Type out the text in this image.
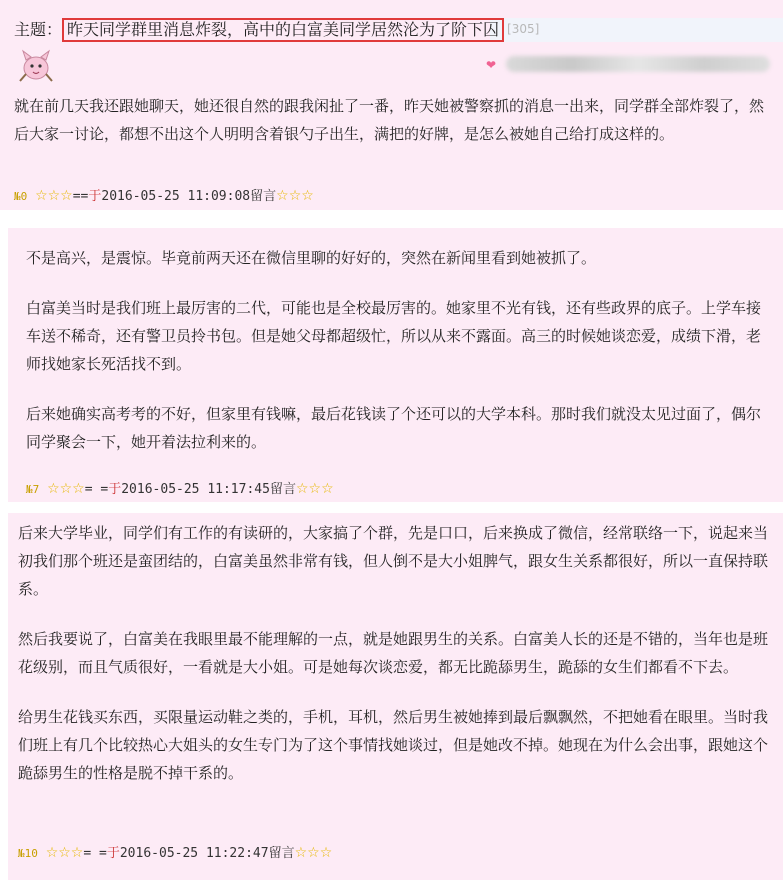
主题： 昨天同学群里消息炸裂，高中的白富美同学居然沦为了阶下囚 [305]
❤

就在前几天我还跟她聊天，她还很自然的跟我闲扯了一番，昨天她被警察抓的消息一出来，同学群全部炸裂了，然后大家一讨论，都想不出这个人明明含着银勺子出生，满把的好牌，是怎么被她自己给打成这样的。

№0 ☆☆☆==于2016-05-25 11:09:08留言☆☆☆

不是高兴，是震惊。毕竟前两天还在微信里聊的好好的，突然在新闻里看到她被抓了。

白富美当时是我们班上最厉害的二代，可能也是全校最厉害的。她家里不光有钱，还有些政界的底子。上学车接车送不稀奇，还有警卫员拎书包。但是她父母都超级忙，所以从来不露面。高三的时候她谈恋爱，成绩下滑，老师找她家长死活找不到。

后来她确实高考考的不好，但家里有钱嘛，最后花钱读了个还可以的大学本科。那时我们就没太见过面了，偶尔同学聚会一下，她开着法拉利来的。

№7 ☆☆☆= =于2016-05-25 11:17:45留言☆☆☆

后来大学毕业，同学们有工作的有读研的，大家搞了个群，先是口口，后来换成了微信，经常联络一下，说起来当初我们那个班还是蛮团结的，白富美虽然非常有钱，但人倒不是大小姐脾气，跟女生关系都很好，所以一直保持联系。

然后我要说了，白富美在我眼里最不能理解的一点，就是她跟男生的关系。白富美人长的还是不错的，当年也是班花级别，而且气质很好，一看就是大小姐。可是她每次谈恋爱，都无比跪舔男生，跪舔的女生们都看不下去。

给男生花钱买东西，买限量运动鞋之类的，手机，耳机，然后男生被她捧到最后飘飘然，不把她看在眼里。当时我们班上有几个比较热心大姐头的女生专门为了这个事情找她谈过，但是她改不掉。她现在为什么会出事，跟她这个跪舔男生的性格是脱不掉干系的。

№10 ☆☆☆= =于2016-05-25 11:22:47留言☆☆☆
